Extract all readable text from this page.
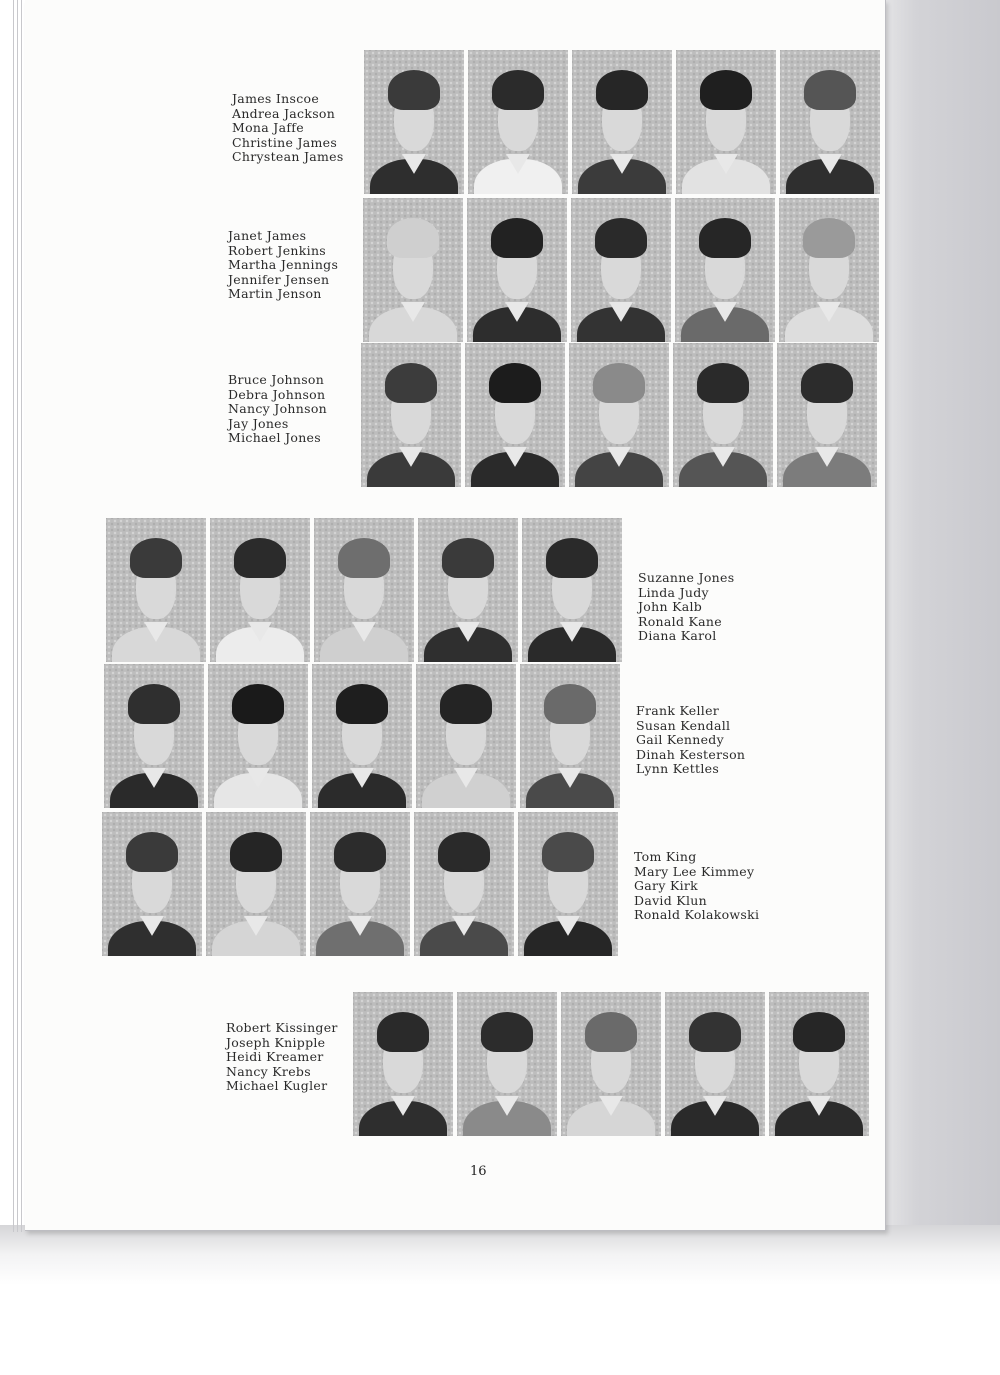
James Inscoe
Andrea Jackson
Mona Jaffe
Christine James
Chrystean James
Janet James
Robert Jenkins
Martha Jennings
Jennifer Jensen
Martin Jenson
Bruce Johnson
Debra Johnson
Nancy Johnson
Jay Jones
Michael Jones
Suzanne Jones
Linda Judy
John Kalb
Ronald Kane
Diana Karol
Frank Keller
Susan Kendall
Gail Kennedy
Dinah Kesterson
Lynn Kettles
Tom King
Mary Lee Kimmey
Gary Kirk
David Klun
Ronald Kolakowski
Robert Kissinger
Joseph Knipple
Heidi Kreamer
Nancy Krebs
Michael Kugler
16
